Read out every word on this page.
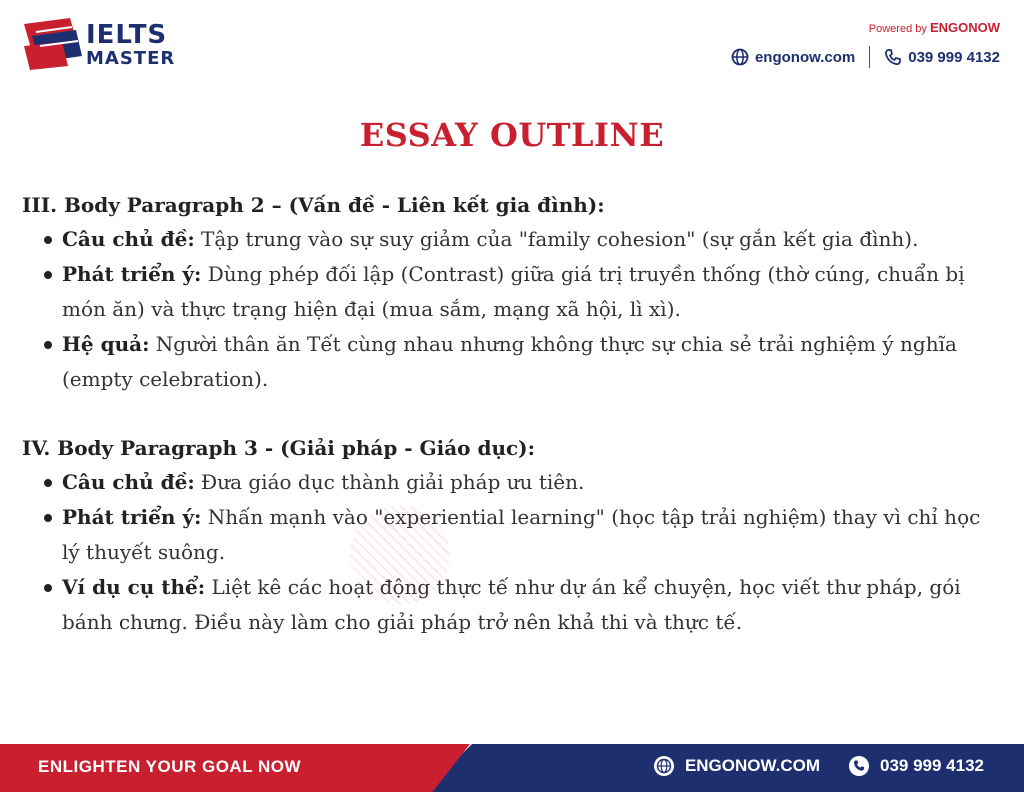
IELTS
MASTER
Powered by ENGONOW
engonow.com	039 999 4132
ESSAY OUTLINE
III. Body Paragraph 2 – (Vấn đề - Liên kết gia đình):
Câu chủ đề: Tập trung vào sự suy giảm của "family cohesion" (sự gắn kết gia đình).
Phát triển ý: Dùng phép đối lập (Contrast) giữa giá trị truyền thống (thờ cúng, chuẩn bị món ăn) và thực trạng hiện đại (mua sắm, mạng xã hội, lì xì).
Hệ quả: Người thân ăn Tết cùng nhau nhưng không thực sự chia sẻ trải nghiệm ý nghĩa (empty celebration).
IV. Body Paragraph 3 - (Giải pháp - Giáo dục):
Câu chủ đề: Đưa giáo dục thành giải pháp ưu tiên.
Phát triển ý: Nhấn mạnh vào "experiential learning" (học tập trải nghiệm) thay vì chỉ học lý thuyết suông.
Ví dụ cụ thể: Liệt kê các hoạt động thực tế như dự án kể chuyện, học viết thư pháp, gói bánh chưng. Điều này làm cho giải pháp trở nên khả thi và thực tế.
ENLIGHTEN YOUR GOAL NOW	ENGONOW.COM	039 999 4132
